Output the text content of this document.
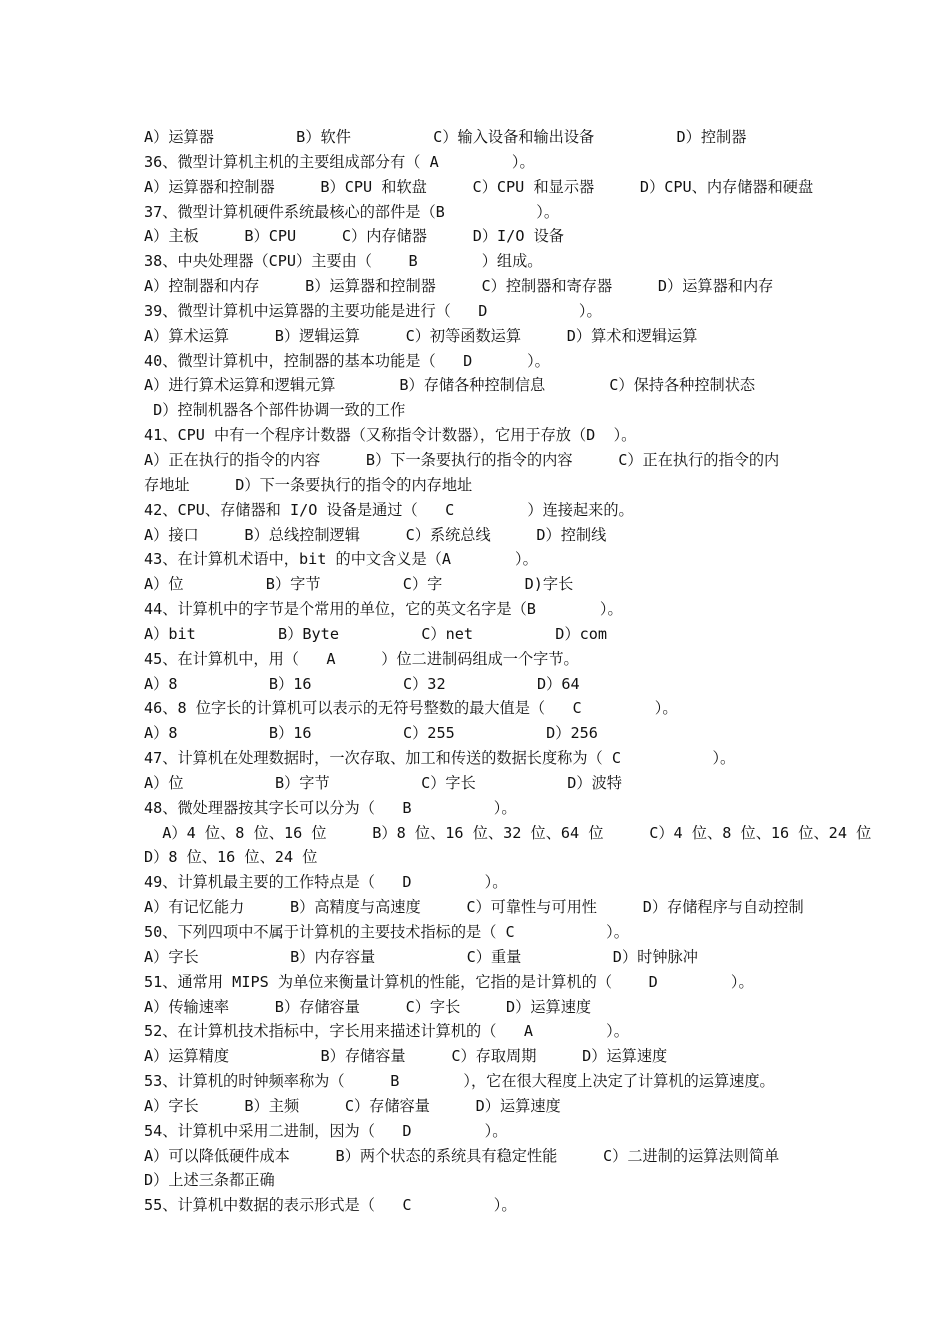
A）运算器         B）软件         C）输入设备和输出设备         D）控制器
36、微型计算机主机的主要组成部分有（ A        ）。
A）运算器和控制器     B）CPU 和软盘     C）CPU 和显示器     D）CPU、内存储器和硬盘
37、微型计算机硬件系统最核心的部件是（B          ）。
A）主板     B）CPU     C）内存储器     D）I/O 设备
38、中央处理器（CPU）主要由（    B       ）组成。
A）控制器和内存     B）运算器和控制器     C）控制器和寄存器     D）运算器和内存
39、微型计算机中运算器的主要功能是进行（   D          ）。
A）算术运算     B）逻辑运算     C）初等函数运算     D）算术和逻辑运算
40、微型计算机中，控制器的基本功能是（   D      ）。
A）进行算术运算和逻辑元算       B）存储各种控制信息       C）保持各种控制状态
D）控制机器各个部件协调一致的工作
41、CPU 中有一个程序计数器（又称指令计数器），它用于存放（D  ）。
A）正在执行的指令的内容     B）下一条要执行的指令的内容     C）正在执行的指令的内
存地址     D）下一条要执行的指令的内存地址
42、CPU、存储器和 I/O 设备是通过（   C        ）连接起来的。
A）接口     B）总线控制逻辑     C）系统总线     D）控制线
43、在计算机术语中，bit 的中文含义是（A       ）。
A）位         B）字节         C）字         D)字长
44、计算机中的字节是个常用的单位，它的英文名字是（B       ）。
A）bit         B）Byte         C）net         D）com
45、在计算机中，用（   A     ）位二进制码组成一个字节。
A）8          B）16          C）32          D）64
46、8 位字长的计算机可以表示的无符号整数的最大值是（   C        ）。
A）8          B）16          C）255          D）256
47、计算机在处理数据时，一次存取、加工和传送的数据长度称为（ C          ）。
A）位          B）字节          C）字长          D）波特
48、微处理器按其字长可以分为（   B         ）。
A）4 位、8 位、16 位     B）8 位、16 位、32 位、64 位     C）4 位、8 位、16 位、24 位
D）8 位、16 位、24 位
49、计算机最主要的工作特点是（   D        ）。
A）有记忆能力     B）高精度与高速度     C）可靠性与可用性     D）存储程序与自动控制
50、下列四项中不属于计算机的主要技术指标的是（ C          ）。
A）字长          B）内存容量          C）重量          D）时钟脉冲
51、通常用 MIPS 为单位来衡量计算机的性能，它指的是计算机的（    D        ）。
A）传输速率     B）存储容量     C）字长     D）运算速度
52、在计算机技术指标中，字长用来描述计算机的（   A        ）。
A）运算精度          B）存储容量     C）存取周期     D）运算速度
53、计算机的时钟频率称为（     B       ），它在很大程度上决定了计算机的运算速度。
A）字长     B）主频     C）存储容量     D）运算速度
54、计算机中采用二进制，因为（   D        ）。
A）可以降低硬件成本     B）两个状态的系统具有稳定性能     C）二进制的运算法则简单
D）上述三条都正确
55、计算机中数据的表示形式是（   C         ）。
